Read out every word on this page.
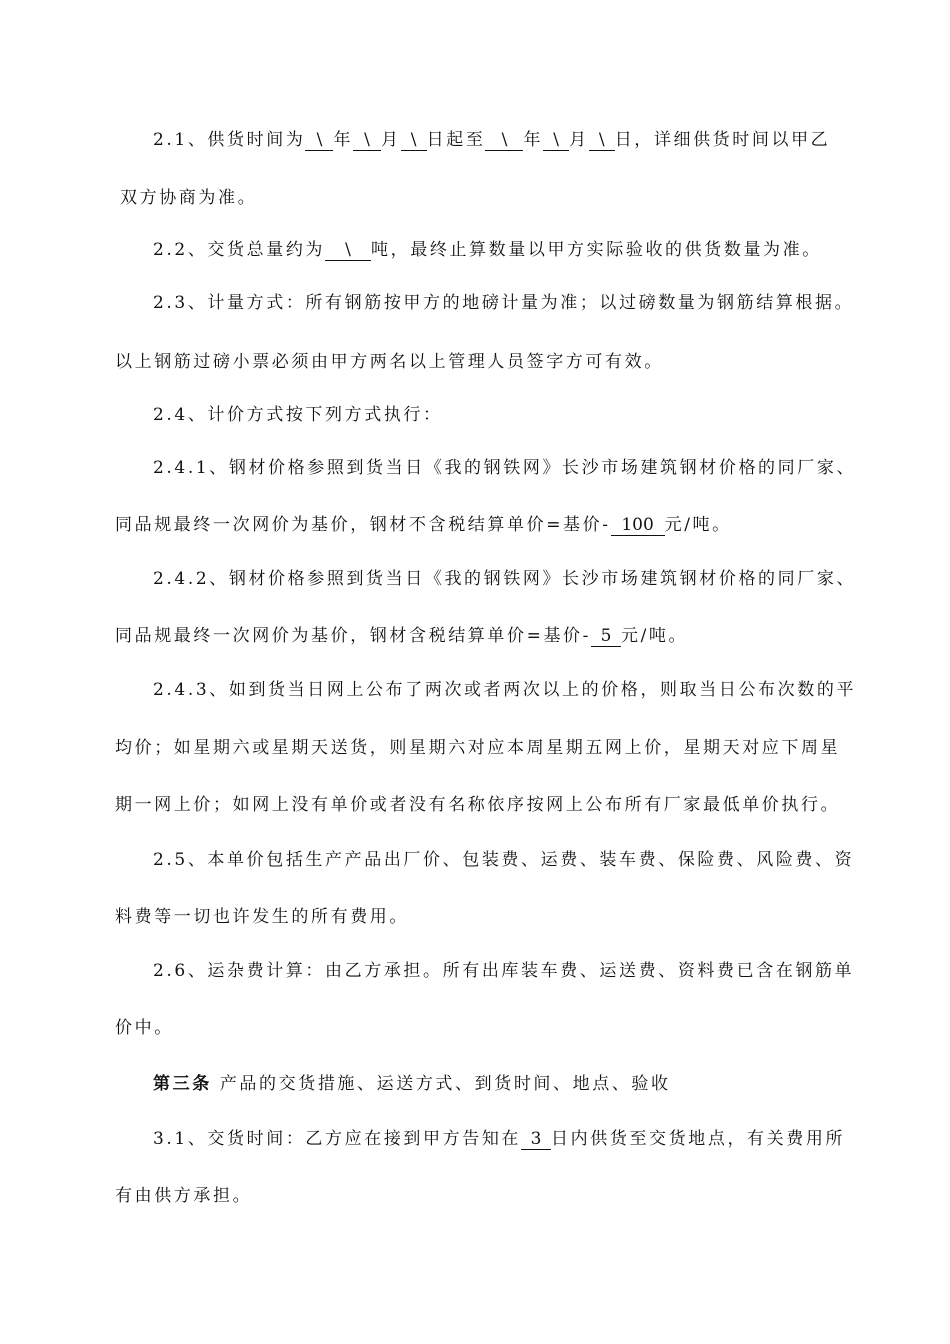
2.1、供货时间为 \ 年 \ 月 \ 日起至 \ 年 \ 月 \ 日，详细供货时间以甲乙
双方协商为准。
2.2、交货总量约为 \ 吨，最终止算数量以甲方实际验收的供货数量为准。
2.3、计量方式：所有钢筋按甲方的地磅计量为准；以过磅数量为钢筋结算根据。
以上钢筋过磅小票必须由甲方两名以上管理人员签字方可有效。
2.4、计价方式按下列方式执行：
2.4.1、钢材价格参照到货当日《我的钢铁网》长沙市场建筑钢材价格的同厂家、
同品规最终一次网价为基价，钢材不含税结算单价=基价- 100 元/吨。
2.4.2、钢材价格参照到货当日《我的钢铁网》长沙市场建筑钢材价格的同厂家、
同品规最终一次网价为基价，钢材含税结算单价=基价- 5 元/吨。
2.4.3、如到货当日网上公布了两次或者两次以上的价格，则取当日公布次数的平
均价；如星期六或星期天送货，则星期六对应本周星期五网上价，星期天对应下周星
期一网上价；如网上没有单价或者没有名称依序按网上公布所有厂家最低单价执行。
2.5、本单价包括生产产品出厂价、包装费、运费、装车费、保险费、风险费、资
料费等一切也许发生的所有费用。
2.6、运杂费计算：由乙方承担。所有出库装车费、运送费、资料费已含在钢筋单
价中。
第三条 产品的交货措施、运送方式、到货时间、地点、验收
3.1、交货时间：乙方应在接到甲方告知在 3 日内供货至交货地点，有关费用所
有由供方承担。
